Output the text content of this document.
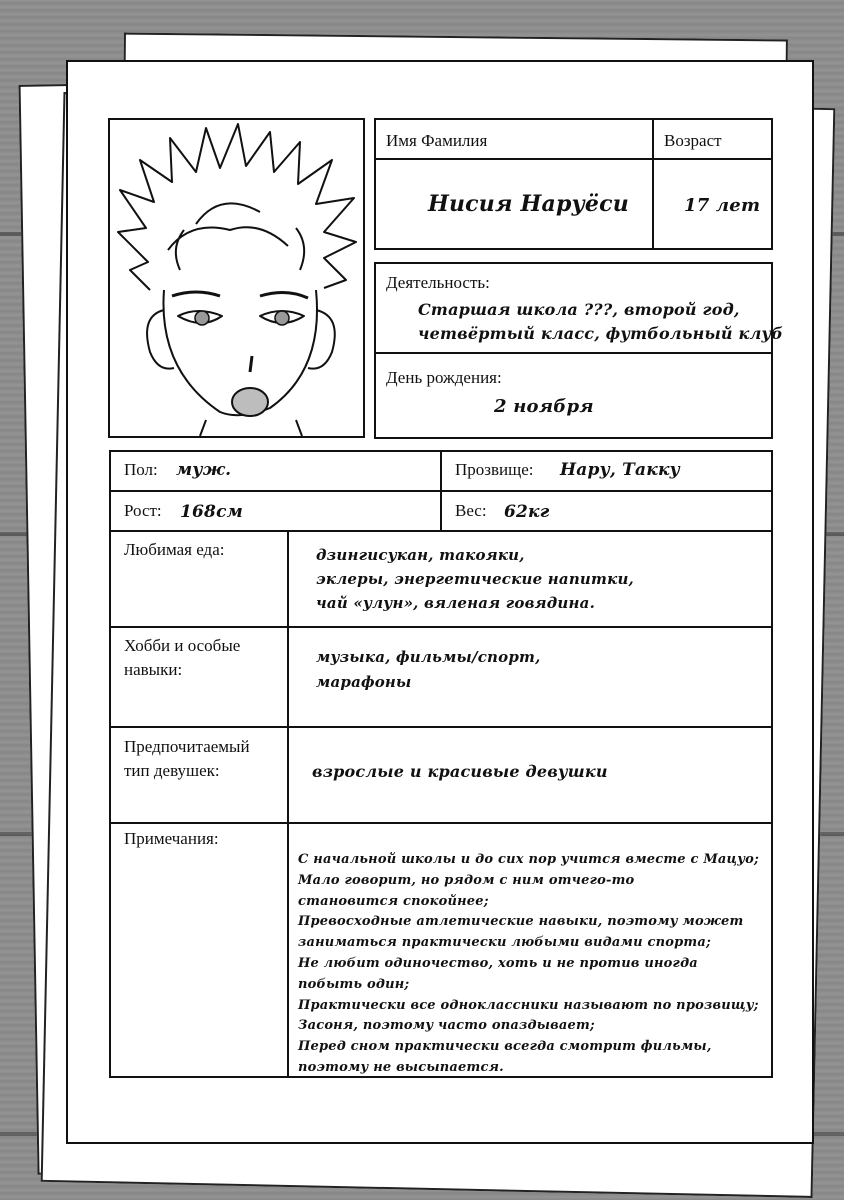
Имя Фамилия	Возраст
Нисия Наруёси	17 лет
Деятельность:
Старшая школа ???, второй год,
четвёртый класс, футбольный клуб
День рождения:
2 ноября
Пол: муж.	Прозвище: Нару, Такку
Рост: 168см	Вес: 62кг
Любимая еда:	дзингисукан, такояки,
эклеры, энергетические напитки,
чай «улун», вяленая говядина.
Хобби и особые
навыки:
музыка, фильмы/спорт,
марафоны
Предпочитаемый
тип девушек:	взрослые и красивые девушки
Примечания:
С начальной школы и до сих пор учится вместе с Мацуо;
Мало говорит, но рядом с ним отчего-то
становится спокойнее;
Превосходные атлетические навыки, поэтому может
заниматься практически любыми видами спорта;
Не любит одиночество, хоть и не против иногда
побыть один;
Практически все одноклассники называют по прозвищу;
Засоня, поэтому часто опаздывает;
Перед сном практически всегда смотрит фильмы,
поэтому не высыпается.
